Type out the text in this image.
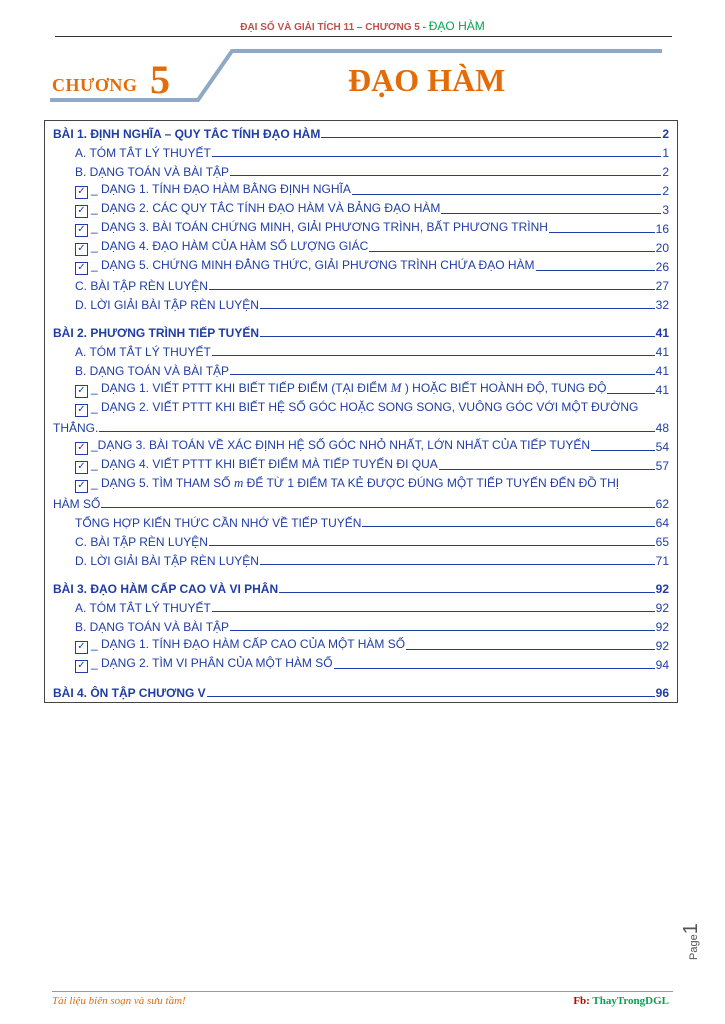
ĐẠI SỐ VÀ GIẢI TÍCH 11 – CHƯƠNG 5 - ĐẠO HÀM
CHƯƠNG 5	ĐẠO HÀM
BÀI 1. ĐỊNH NGHĨA – QUY TẮC TÍNH ĐẠO HÀM	2
A. TÓM TẮT LÝ THUYẾT	1
B. DẠNG TOÁN VÀ BÀI TẬP	2
✓ _ DẠNG 1. TÍNH ĐẠO HÀM BẰNG ĐỊNH NGHĨA	2
✓ _ DẠNG 2. CÁC QUY TẮC TÍNH ĐẠO HÀM VÀ BẢNG ĐẠO HÀM	3
✓ _ DẠNG 3. BÀI TOÁN CHỨNG MINH, GIẢI PHƯƠNG TRÌNH, BẤT PHƯƠNG TRÌNH	16
✓ _ DẠNG 4. ĐẠO HÀM CỦA HÀM SỐ LƯỢNG GIÁC	20
✓ _ DẠNG 5. CHỨNG MINH ĐẲNG THỨC, GIẢI PHƯƠNG TRÌNH CHỨA ĐẠO HÀM	26
C. BÀI TẬP RÈN LUYỆN	27
D. LỜI GIẢI BÀI TẬP RÈN LUYỆN	32
BÀI 2. PHƯƠNG TRÌNH TIẾP TUYẾN	41
A. TÓM TẮT LÝ THUYẾT	41
B. DẠNG TOÁN VÀ BÀI TẬP	41
✓ _ DẠNG 1. VIẾT PTTT KHI BIẾT TIẾP ĐIỂM (TẠI ĐIỂM M ) HOẶC BIẾT HOÀNH ĐỘ, TUNG ĐỘ	41
✓ _ DẠNG 2. VIẾT PTTT KHI BIẾT HỆ SỐ GÓC HOẶC SONG SONG, VUÔNG GÓC VỚI MỘT ĐƯỜNG
THẲNG.	48
✓ _DẠNG 3. BÀI TOÁN VỀ XÁC ĐỊNH HỆ SỐ GÓC NHỎ NHẤT, LỚN NHẤT CỦA TIẾP TUYẾN	54
✓ _ DẠNG 4. VIẾT PTTT KHI BIẾT ĐIỂM MÀ TIẾP TUYẾN ĐI QUA	57
✓ _ DẠNG 5. TÌM THAM SỐ m ĐỂ TỪ 1 ĐIỂM TA KẺ ĐƯỢC ĐÚNG MỘT TIẾP TUYẾN ĐẾN ĐỒ THỊ
HÀM SỐ	62
TỔNG HỢP KIẾN THỨC CẦN NHỚ VỀ TIẾP TUYẾN	64
C. BÀI TẬP RÈN LUYỆN	65
D. LỜI GIẢI BÀI TẬP RÈN LUYỆN	71
BÀI 3. ĐẠO HÀM CẤP CAO VÀ VI PHÂN	92
A. TÓM TẮT LÝ THUYẾT	92
B. DẠNG TOÁN VÀ BÀI TẬP	92
✓ _ DẠNG 1. TÍNH ĐẠO HÀM CẤP CAO CỦA MỘT HÀM SỐ	92
✓ _ DẠNG 2. TÌM VI PHÂN CỦA MỘT HÀM SỐ	94
BÀI 4. ÔN TẬP CHƯƠNG V	96
Page1
Tài liệu biên soạn và sưu tầm!	Fb: ThayTrongDGL
